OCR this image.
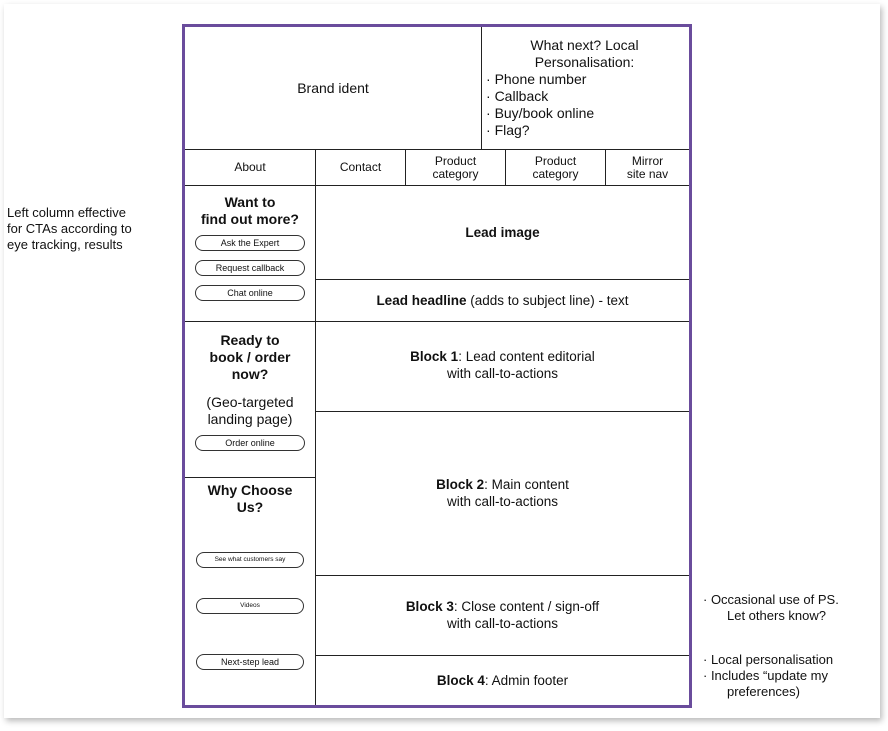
Left column effective
for CTAs according to
eye tracking, results
Brand ident
What next? Local
Personalisation:
· Phone number
· Callback
· Buy/book online
· Flag?
About	Contact	Product
category
Product
category
Mirror
site nav
Want to
find out more?
Ask the Expert
Request callback
Chat online
Ready to
book / order
now?
(Geo-targeted
landing page)
Order online
Why Choose
Us?
See what customers say
Videos
Next-step lead
Lead image
Lead headline (adds to subject line) - text
Block 1: Lead content editorial
with call-to-actions
Block 2: Main content
with call-to-actions
Block 3: Close content / sign-off
with call-to-actions
Block 4: Admin footer
· Occasional use of PS.
Let others know?
· Local personalisation
· Includes “update my
preferences)
